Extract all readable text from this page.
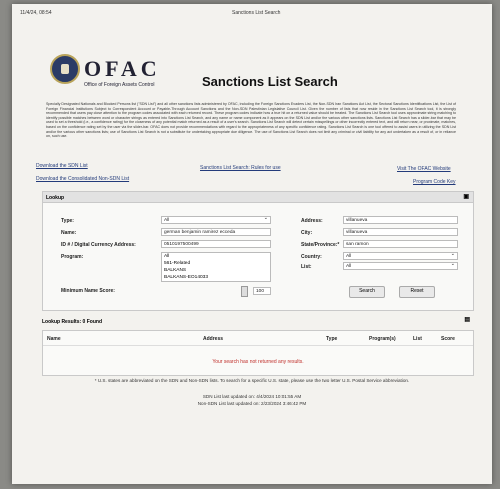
11/4/24, 08:54	Sanctions List Search
OFAC
Office of Foreign Assets Control	Sanctions List Search
Specially Designated Nationals and Blocked Persons list ("SDN List") and all other sanctions lists administered by OFAC, including the Foreign Sanctions Evaders List, the Non-SDN Iran Sanctions Act List, the Sectoral Sanctions Identifications List, the List of Foreign Financial Institutions Subject to Correspondent Account or Payable-Through Account Sanctions and the Non-SDN Palestinian Legislative Council List. Given the number of lists that now reside in the Sanctions List Search tool, it is strongly recommended that users pay close attention to the program codes associated with each returned record. These program codes indicate how a true hit on a returned value should be treated. The Sanctions List Search tool uses approximate string matching to identify possible matches between word or character strings as entered into Sanctions List Search, and any name or name component as it appears on the SDN List and/or the various other sanctions lists. Sanctions List Search has a slider-bar that may be used to set a threshold (i.e., a confidence rating) for the closeness of any potential match returned as a result of a user's search. Sanctions List Search will detect certain misspellings or other incorrectly entered text, and will return near, or proximate, matches, based on the confidence rating set by the user via the slider-bar. OFAC does not provide recommendations with regard to the appropriateness of any specific confidence rating. Sanctions List Search is one tool offered to assist users in utilizing the SDN List and/or the various other sanctions lists; use of Sanctions List Search is not a substitute for undertaking appropriate due diligence. The use of Sanctions List Search does not limit any criminal or civil liability for any act undertaken as a result of, or in reliance on, such use.
Download the SDN List	Sanctions List Search: Rules for use	Visit The OFAC Website
Download the Consolidated Non-SDN List	Program Code Key
Lookup	▣
Type:	All ⌄
Name:	german benjamin ramirez ecceda
ID # / Digital Currency Address:	0510197500499
Program:	All
561-Related
BALKANS
BALKANS-EO14033
Minimum Name Score:	100
Address:	villanueva
City:	villanueva
State/Province:*	san ramon
Country:	All ⌄
List:	All ⌄
Search	Reset
Lookup Results: 0 Found	▤
Name	Address	Type	Program(s)	List	Score
Your search has not returned any results.
* U.S. states are abbreviated on the SDN and Non-SDN lists. To search for a specific U.S. state, please use the two letter U.S. Postal Service abbreviation.
SDN List last updated on: 4/4/2024 10:01:55 AM
Non-SDN List last updated on: 2/23/2024 3:46:42 PM
